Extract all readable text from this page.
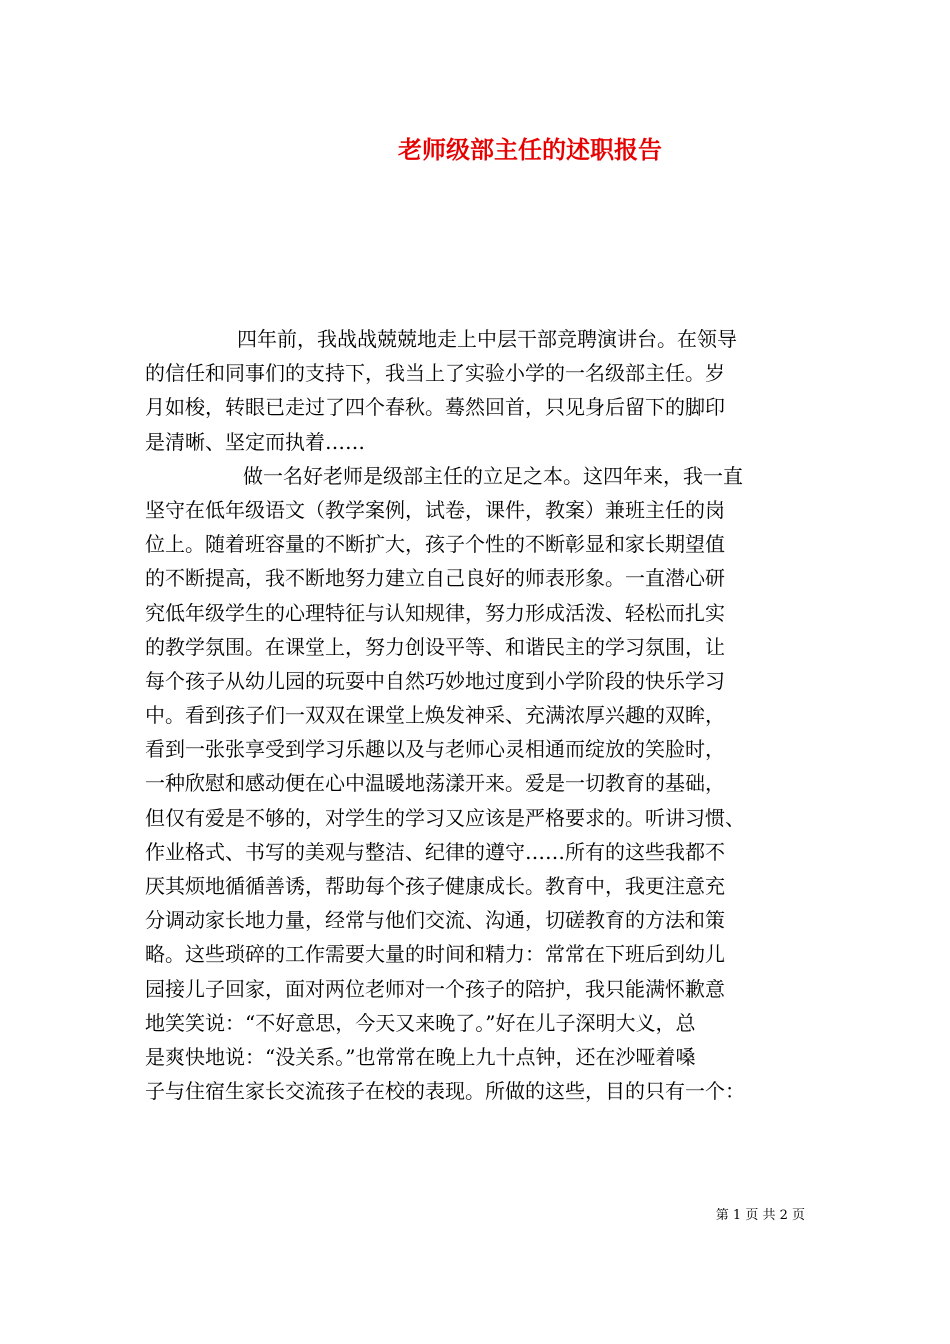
老师级部主任的述职报告
四年前，我战战兢兢地走上中层干部竞聘演讲台。在领导
的信任和同事们的支持下，我当上了实验小学的一名级部主任。岁
月如梭，转眼已走过了四个春秋。蓦然回首，只见身后留下的脚印
是清晰、坚定而执着……
做一名好老师是级部主任的立足之本。这四年来，我一直
坚守在低年级语文（教学案例，试卷，课件，教案）兼班主任的岗
位上。随着班容量的不断扩大，孩子个性的不断彰显和家长期望值
的不断提高，我不断地努力建立自己良好的师表形象。一直潜心研
究低年级学生的心理特征与认知规律，努力形成活泼、轻松而扎实
的教学氛围。在课堂上，努力创设平等、和谐民主的学习氛围，让
每个孩子从幼儿园的玩耍中自然巧妙地过度到小学阶段的快乐学习
中。看到孩子们一双双在课堂上焕发神采、充满浓厚兴趣的双眸，
看到一张张享受到学习乐趣以及与老师心灵相通而绽放的笑脸时，
一种欣慰和感动便在心中温暖地荡漾开来。爱是一切教育的基础，
但仅有爱是不够的，对学生的学习又应该是严格要求的。听讲习惯、
作业格式、书写的美观与整洁、纪律的遵守……所有的这些我都不
厌其烦地循循善诱，帮助每个孩子健康成长。教育中，我更注意充
分调动家长地力量，经常与他们交流、沟通，切磋教育的方法和策
略。这些琐碎的工作需要大量的时间和精力：常常在下班后到幼儿
园接儿子回家，面对两位老师对一个孩子的陪护，我只能满怀歉意
地笑笑说：“不好意思，今天又来晚了。”好在儿子深明大义，总
是爽快地说：“没关系。”也常常在晚上九十点钟，还在沙哑着嗓
子与住宿生家长交流孩子在校的表现。所做的这些，目的只有一个：
第 1 页 共 2 页
